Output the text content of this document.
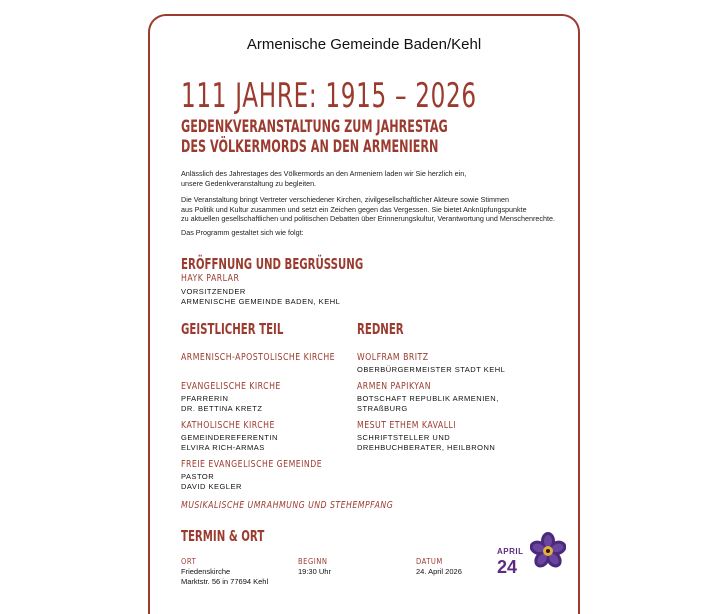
Armenische Gemeinde Baden/Kehl
111 JAHRE: 1915 – 2026
GEDENKVERANSTALTUNG ZUM JAHRESTAG
DES VÖLKERMORDS AN DEN ARMENIERN
Anlässlich des Jahrestages des Völkermords an den Armeniern laden wir Sie herzlich ein,
unsere Gedenkveranstaltung zu begleiten.
Die Veranstaltung bringt Vertreter verschiedener Kirchen, zivilgesellschaftlicher Akteure sowie Stimmen
aus Politik und Kultur zusammen und setzt ein Zeichen gegen das Vergessen. Sie bietet Anknüpfungspunkte
zu aktuellen gesellschaftlichen und politischen Debatten über Erinnerungskultur, Verantwortung und Menschenrechte.
Das Programm gestaltet sich wie folgt:
ERÖFFNUNG UND BEGRÜSSUNG
HAYK PARLAR
VORSITZENDER
ARMENISCHE GEMEINDE BADEN, KEHL
GEISTLICHER TEIL
ARMENISCH-APOSTOLISCHE KIRCHE
EVANGELISCHE KIRCHE
PFARRERIN
DR. BETTINA KRETZ
KATHOLISCHE KIRCHE
GEMEINDEREFERENTIN
ELVIRA RICH-ARMAS
FREIE EVANGELISCHE GEMEINDE
PASTOR
DAVID KEGLER
REDNER
WOLFRAM BRITZ
OBERBÜRGERMEISTER STADT KEHL
ARMEN PAPIKYAN
BOTSCHAFT REPUBLIK ARMENIEN,
STRAßBURG
MESUT ETHEM KAVALLI
SCHRIFTSTELLER UND
DREHBUCHBERATER, HEILBRONN
MUSIKALISCHE UMRAHMUNG UND STEHEMPFANG
TERMIN & ORT
ORT
Friedenskirche
Marktstr. 56 in 77694 Kehl
BEGINN
19:30 Uhr
DATUM
24. April 2026
APRIL
24
